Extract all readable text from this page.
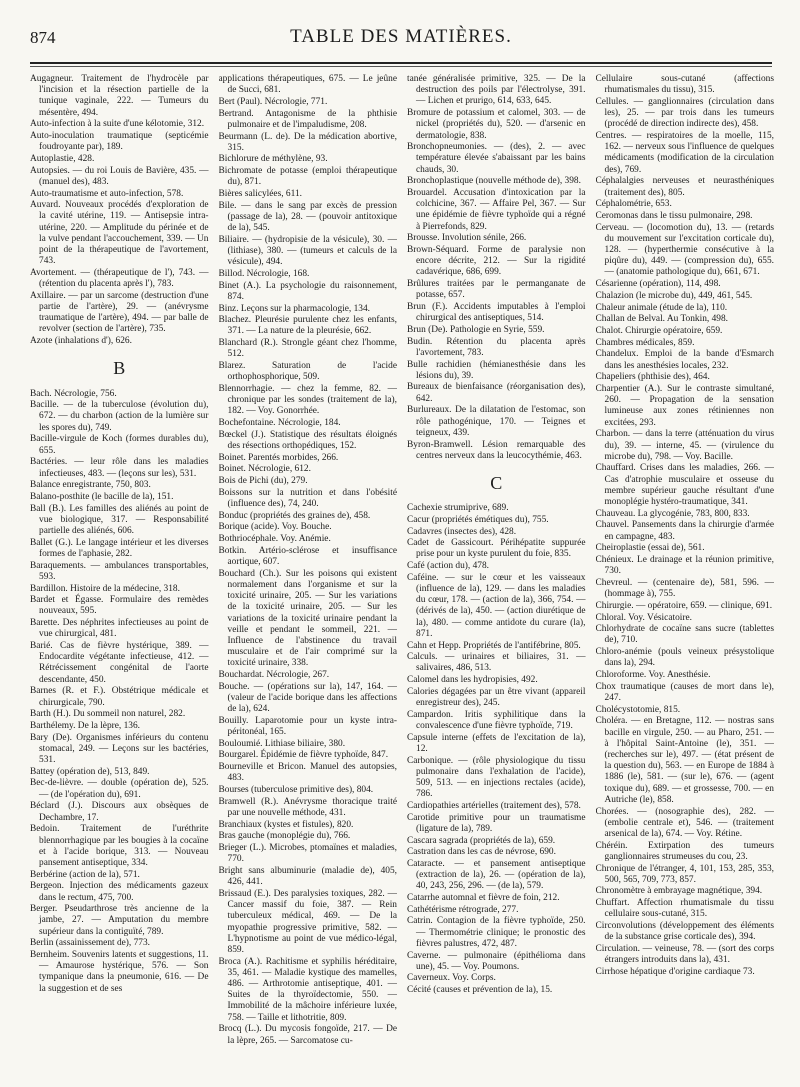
874	TABLE DES MATIÈRES.

Augagneur. Traitement de l'hydrocèle par l'incision et la résection partielle de la tunique vaginale, 222. — Tumeurs du mésentère, 494.

Auto-infection à la suite d'une kélotomie, 312.

Auto-inoculation traumatique (septicémie foudroyante par), 189.

Autoplastie, 428.

Autopsies. — du roi Louis de Bavière, 435. — (manuel des), 483.

Auto-traumatisme et auto-infection, 578.

Auvard. Nouveaux procédés d'exploration de la cavité utérine, 119. — Antisepsie intra-utérine, 220. — Amplitude du périnée et de la vulve pendant l'accouchement, 339. — Un point de la thérapeutique de l'avortement, 743.

Avortement. — (thérapeutique de l'), 743. — (rétention du placenta après l'), 783.

Axillaire. — par un sarcome (destruction d'une partie de l'artère), 29. — (anévrysme traumatique de l'artère), 494. — par balle de revolver (section de l'artère), 735.

Azote (inhalations d'), 626.

B

Bach. Nécrologie, 756.

Bacille. — de la tuberculose (évolution du), 672. — du charbon (action de la lumière sur les spores du), 749.

Bacille-virgule de Koch (formes durables du), 655.

Bactéries. — leur rôle dans les maladies infectieuses, 483. — (leçons sur les), 531.

Balance enregistrante, 750, 803.

Balano-posthite (le bacille de la), 151.

Ball (B.). Les familles des aliénés au point de vue biologique, 317. — Responsabilité partielle des aliénés, 606.

Ballet (G.). Le langage intérieur et les diverses formes de l'aphasie, 282.

Baraquements. — ambulances transportables, 593.

Bardillon. Histoire de la médecine, 318.

Bardet et Égasse. Formulaire des remèdes nouveaux, 595.

Barette. Des néphrites infectieuses au point de vue chirurgical, 481.

Barié. Cas de fièvre hystérique, 389. — Endocardite végétante infectieuse, 412. — Rétrécissement congénital de l'aorte descendante, 450.

Barnes (R. et F.). Obstétrique médicale et chirurgicale, 790.

Barth (H.). Du sommeil non naturel, 282.

Barthélemy. De la lèpre, 136.

Bary (De). Organismes inférieurs du contenu stomacal, 249. — Leçons sur les bactéries, 531.

Battey (opération de), 513, 849.

Bec-de-lièvre. — double (opération de), 525. — (de l'opération du), 691.

Béclard (J.). Discours aux obsèques de Dechambre, 17.

Bedoin. Traitement de l'uréthrite blennorrhagique par les bougies à la cocaïne et à l'acide borique, 313. — Nouveau pansement antiseptique, 334.

Berbérine (action de la), 571.

Bergeon. Injection des médicaments gazeux dans le rectum, 475, 700.

Berger. Pseudarthrose très ancienne de la jambe, 27. — Amputation du membre supérieur dans la contiguïté, 789.

Berlin (assainissement de), 773.

Bernheim. Souvenirs latents et suggestions, 11. — Amaurose hystérique, 576. — Son tympanique dans la pneumonie, 616. — De la suggestion et de ses

applications thérapeutiques, 675. — Le jeûne de Succi, 681.

Bert (Paul). Nécrologie, 771.

Bertrand. Antagonisme de la phthisie pulmonaire et de l'impaludisme, 208.

Beurmann (L. de). De la médication abortive, 315.

Bichlorure de méthylène, 93.

Bichromate de potasse (emploi thérapeutique du), 871.

Bières salicylées, 611.

Bile. — dans le sang par excès de pression (passage de la), 28. — (pouvoir antitoxique de la), 545.

Biliaire. — (hydropisie de la vésicule), 30. — (lithiase), 380. — (tumeurs et calculs de la vésicule), 494.

Billod. Nécrologie, 168.

Binet (A.). La psychologie du raisonnement, 874.

Binz. Leçons sur la pharmacologie, 134.

Blachez. Pleurésie purulente chez les enfants, 371. — La nature de la pleurésie, 662.

Blanchard (R.). Strongle géant chez l'homme, 512.

Blarez. Saturation de l'acide orthophosphorique, 509.

Blennorrhagie. — chez la femme, 82. — chronique par les sondes (traitement de la), 182. — Voy. Gonorrhée.

Bochefontaine. Nécrologie, 184.

Bœckel (J.). Statistique des résultats éloignés des résections orthopédiques, 152.

Boinet. Parentés morbides, 266.

Boinet. Nécrologie, 612.

Bois de Pichi (du), 279.

Boissons sur la nutrition et dans l'obésité (influence des), 74, 240.

Bonduc (propriétés des graines de), 458.

Borique (acide). Voy. Bouche.

Bothriocéphale. Voy. Anémie.

Botkin. Artério-sclérose et insuffisance aortique, 607.

Bouchard (Ch.). Sur les poisons qui existent normalement dans l'organisme et sur la toxicité urinaire, 205. — Sur les variations de la toxicité urinaire, 205. — Sur les variations de la toxicité urinaire pendant la veille et pendant le sommeil, 221. — Influence de l'abstinence du travail musculaire et de l'air comprimé sur la toxicité urinaire, 338.

Bouchardat. Nécrologie, 267.

Bouche. — (opérations sur la), 147, 164. — (valeur de l'acide borique dans les affections de la), 624.

Bouilly. Laparotomie pour un kyste intra-péritonéal, 165.

Bouloumié. Lithiase biliaire, 380.

Bourgarel. Épidémie de fièvre typhoïde, 847.

Bourneville et Bricon. Manuel des autopsies, 483.

Bourses (tuberculose primitive des), 804.

Bramwell (R.). Anévrysme thoracique traité par une nouvelle méthode, 431.

Branchiaux (kystes et fistules), 820.

Bras gauche (monoplégie du), 766.

Brieger (L.). Microbes, ptomaïnes et maladies, 770.

Bright sans albuminurie (maladie de), 405, 426, 441.

Brissaud (E.). Des paralysies toxiques, 282. — Cancer massif du foie, 387. — Rein tuberculeux médical, 469. — De la myopathie progressive primitive, 582. — L'hypnotisme au point de vue médico-légal, 859.

Broca (A.). Rachitisme et syphilis héréditaire, 35, 461. — Maladie kystique des mamelles, 486. — Arthrotomie antiseptique, 401. — Suites de la thyroïdectomie, 550. — Immobilité de la mâchoire inférieure luxée, 758. — Taille et lithotritie, 809.

Brocq (L.). Du mycosis fongoïde, 217. — De la lèpre, 265. — Sarcomatose cu-

tanée généralisée primitive, 325. — De la destruction des poils par l'électrolyse, 391. — Lichen et prurigo, 614, 633, 645.

Bromure de potassium et calomel, 303. — de nickel (propriétés du), 520. — d'arsenic en dermatologie, 838.

Bronchopneumonies. — (des), 2. — avec température élevée s'abaissant par les bains chauds, 30.

Bronchoplastique (nouvelle méthode de), 398.

Brouardel. Accusation d'intoxication par la colchicine, 367. — Affaire Pel, 367. — Sur une épidémie de fièvre typhoïde qui a régné à Pierrefonds, 829.

Brousse. Involution sénile, 266.

Brown-Séquard. Forme de paralysie non encore décrite, 212. — Sur la rigidité cadavérique, 686, 699.

Brûlures traitées par le permanganate de potasse, 657.

Brun (F.). Accidents imputables à l'emploi chirurgical des antiseptiques, 514.

Brun (De). Pathologie en Syrie, 559.

Budin. Rétention du placenta après l'avortement, 783.

Bulle rachidien (hémianesthésie dans les lésions du), 39.

Bureaux de bienfaisance (réorganisation des), 642.

Burlureaux. De la dilatation de l'estomac, son rôle pathogénique, 170. — Teignes et teigneux, 439.

Byron-Bramwell. Lésion remarquable des centres nerveux dans la leucocythémie, 463.

C

Cachexie strumiprive, 689.

Cacur (propriétés émétiques du), 755.

Cadavres (insectes des), 428.

Cadet de Gassicourt. Périhépatite suppurée prise pour un kyste purulent du foie, 835.

Café (action du), 478.

Caféine. — sur le cœur et les vaisseaux (influence de la), 129. — dans les maladies du cœur, 178. — (action de la), 366, 754. — (dérivés de la), 450. — (action diurétique de la), 480. — comme antidote du curare (la), 871.

Cahn et Hepp. Propriétés de l'antifébrine, 805.

Calculs. — urinaires et biliaires, 31. — salivaires, 486, 513.

Calomel dans les hydropisies, 492.

Calories dégagées par un être vivant (appareil enregistreur des), 245.

Campardon. Iritis syphilitique dans la convalescence d'une fièvre typhoïde, 719.

Capsule interne (effets de l'excitation de la), 12.

Carbonique. — (rôle physiologique du tissu pulmonaire dans l'exhalation de l'acide), 509, 513. — en injections rectales (acide), 786.

Cardiopathies artérielles (traitement des), 578.

Carotide primitive pour un traumatisme (ligature de la), 789.

Cascara sagrada (propriétés de la), 659.

Castration dans les cas de névrose, 690.

Cataracte. — et pansement antiseptique (extraction de la), 26. — (opération de la), 40, 243, 256, 296. — (de la), 579.

Catarrhe automnal et fièvre de foin, 212.

Cathétérisme rétrograde, 277.

Catrin. Contagion de la fièvre typhoïde, 250. — Thermométrie clinique; le pronostic des fièvres palustres, 472, 487.

Caverne. — pulmonaire (épithélioma dans une), 45. — Voy. Poumons.

Caverneux. Voy. Corps.

Cécité (causes et prévention de la), 15.

Cellulaire sous-cutané (affections rhumatismales du tissu), 315.

Cellules. — ganglionnaires (circulation dans les), 25. — par trois dans les tumeurs (procédé de direction indirecte des), 458.

Centres. — respiratoires de la moelle, 115, 162. — nerveux sous l'influence de quelques médicaments (modification de la circulation des), 769.

Céphalalgies nerveuses et neurasthéniques (traitement des), 805.

Céphalométrie, 653.

Ceromonas dans le tissu pulmonaire, 298.

Cerveau. — (locomotion du), 13. — (retards du mouvement sur l'excitation corticale du), 128. — (hyperthermie consécutive à la piqûre du), 449. — (compression du), 655. — (anatomie pathologique du), 661, 671.

Césarienne (opération), 114, 498.

Chalazion (le microbe du), 449, 461, 545.

Chaleur animale (étude de la), 110.

Challan de Belval. Au Tonkin, 498.

Chalot. Chirurgie opératoire, 659.

Chambres médicales, 859.

Chandelux. Emploi de la bande d'Esmarch dans les anesthésies locales, 232.

Chapeliers (phthisie des), 464.

Charpentier (A.). Sur le contraste simultané, 260. — Propagation de la sensation lumineuse aux zones rétiniennes non excitées, 293.

Charbon. — dans la terre (atténuation du virus du), 39. — interne, 45. — (virulence du microbe du), 798. — Voy. Bacille.

Chauffard. Crises dans les maladies, 266. — Cas d'atrophie musculaire et osseuse du membre supérieur gauche résultant d'une monoplégie hystéro-traumatique, 341.

Chauveau. La glycogénie, 783, 800, 833.

Chauvel. Pansements dans la chirurgie d'armée en campagne, 483.

Cheiroplastie (essai de), 561.

Chénieux. Le drainage et la réunion primitive, 730.

Chevreul. — (centenaire de), 581, 596. — (hommage à), 755.

Chirurgie. — opératoire, 659. — clinique, 691.

Chloral. Voy. Vésicatoire.

Chlorhydrate de cocaïne sans sucre (tablettes de), 710.

Chloro-anémie (pouls veineux présystolique dans la), 294.

Chloroforme. Voy. Anesthésie.

Chox traumatique (causes de mort dans le), 247.

Cholécystotomie, 815.

Choléra. — en Bretagne, 112. — nostras sans bacille en virgule, 250. — au Pharo, 251. — à l'hôpital Saint-Antoine (le), 351. — (recherches sur le), 497. — (état présent de la question du), 563. — en Europe de 1884 à 1886 (le), 581. — (sur le), 676. — (agent toxique du), 689. — et grossesse, 700. — en Autriche (le), 858.

Chorées. — (nosographie des), 282. — (embolie centrale et), 546. — (traitement arsenical de la), 674. — Voy. Rétine.

Chéréin. Extirpation des tumeurs ganglionnaires strumeuses du cou, 23.

Chronique de l'étranger, 4, 101, 153, 285, 353, 500, 565, 709, 773, 857.

Chronomètre à embrayage magnétique, 394.

Chuffart. Affection rhumatismale du tissu cellulaire sous-cutané, 315.

Circonvolutions (développement des éléments de la substance grise corticale des), 394.

Circulation. — veineuse, 78. — (sort des corps étrangers introduits dans la), 431.

Cirrhose hépatique d'origine cardiaque 73.
